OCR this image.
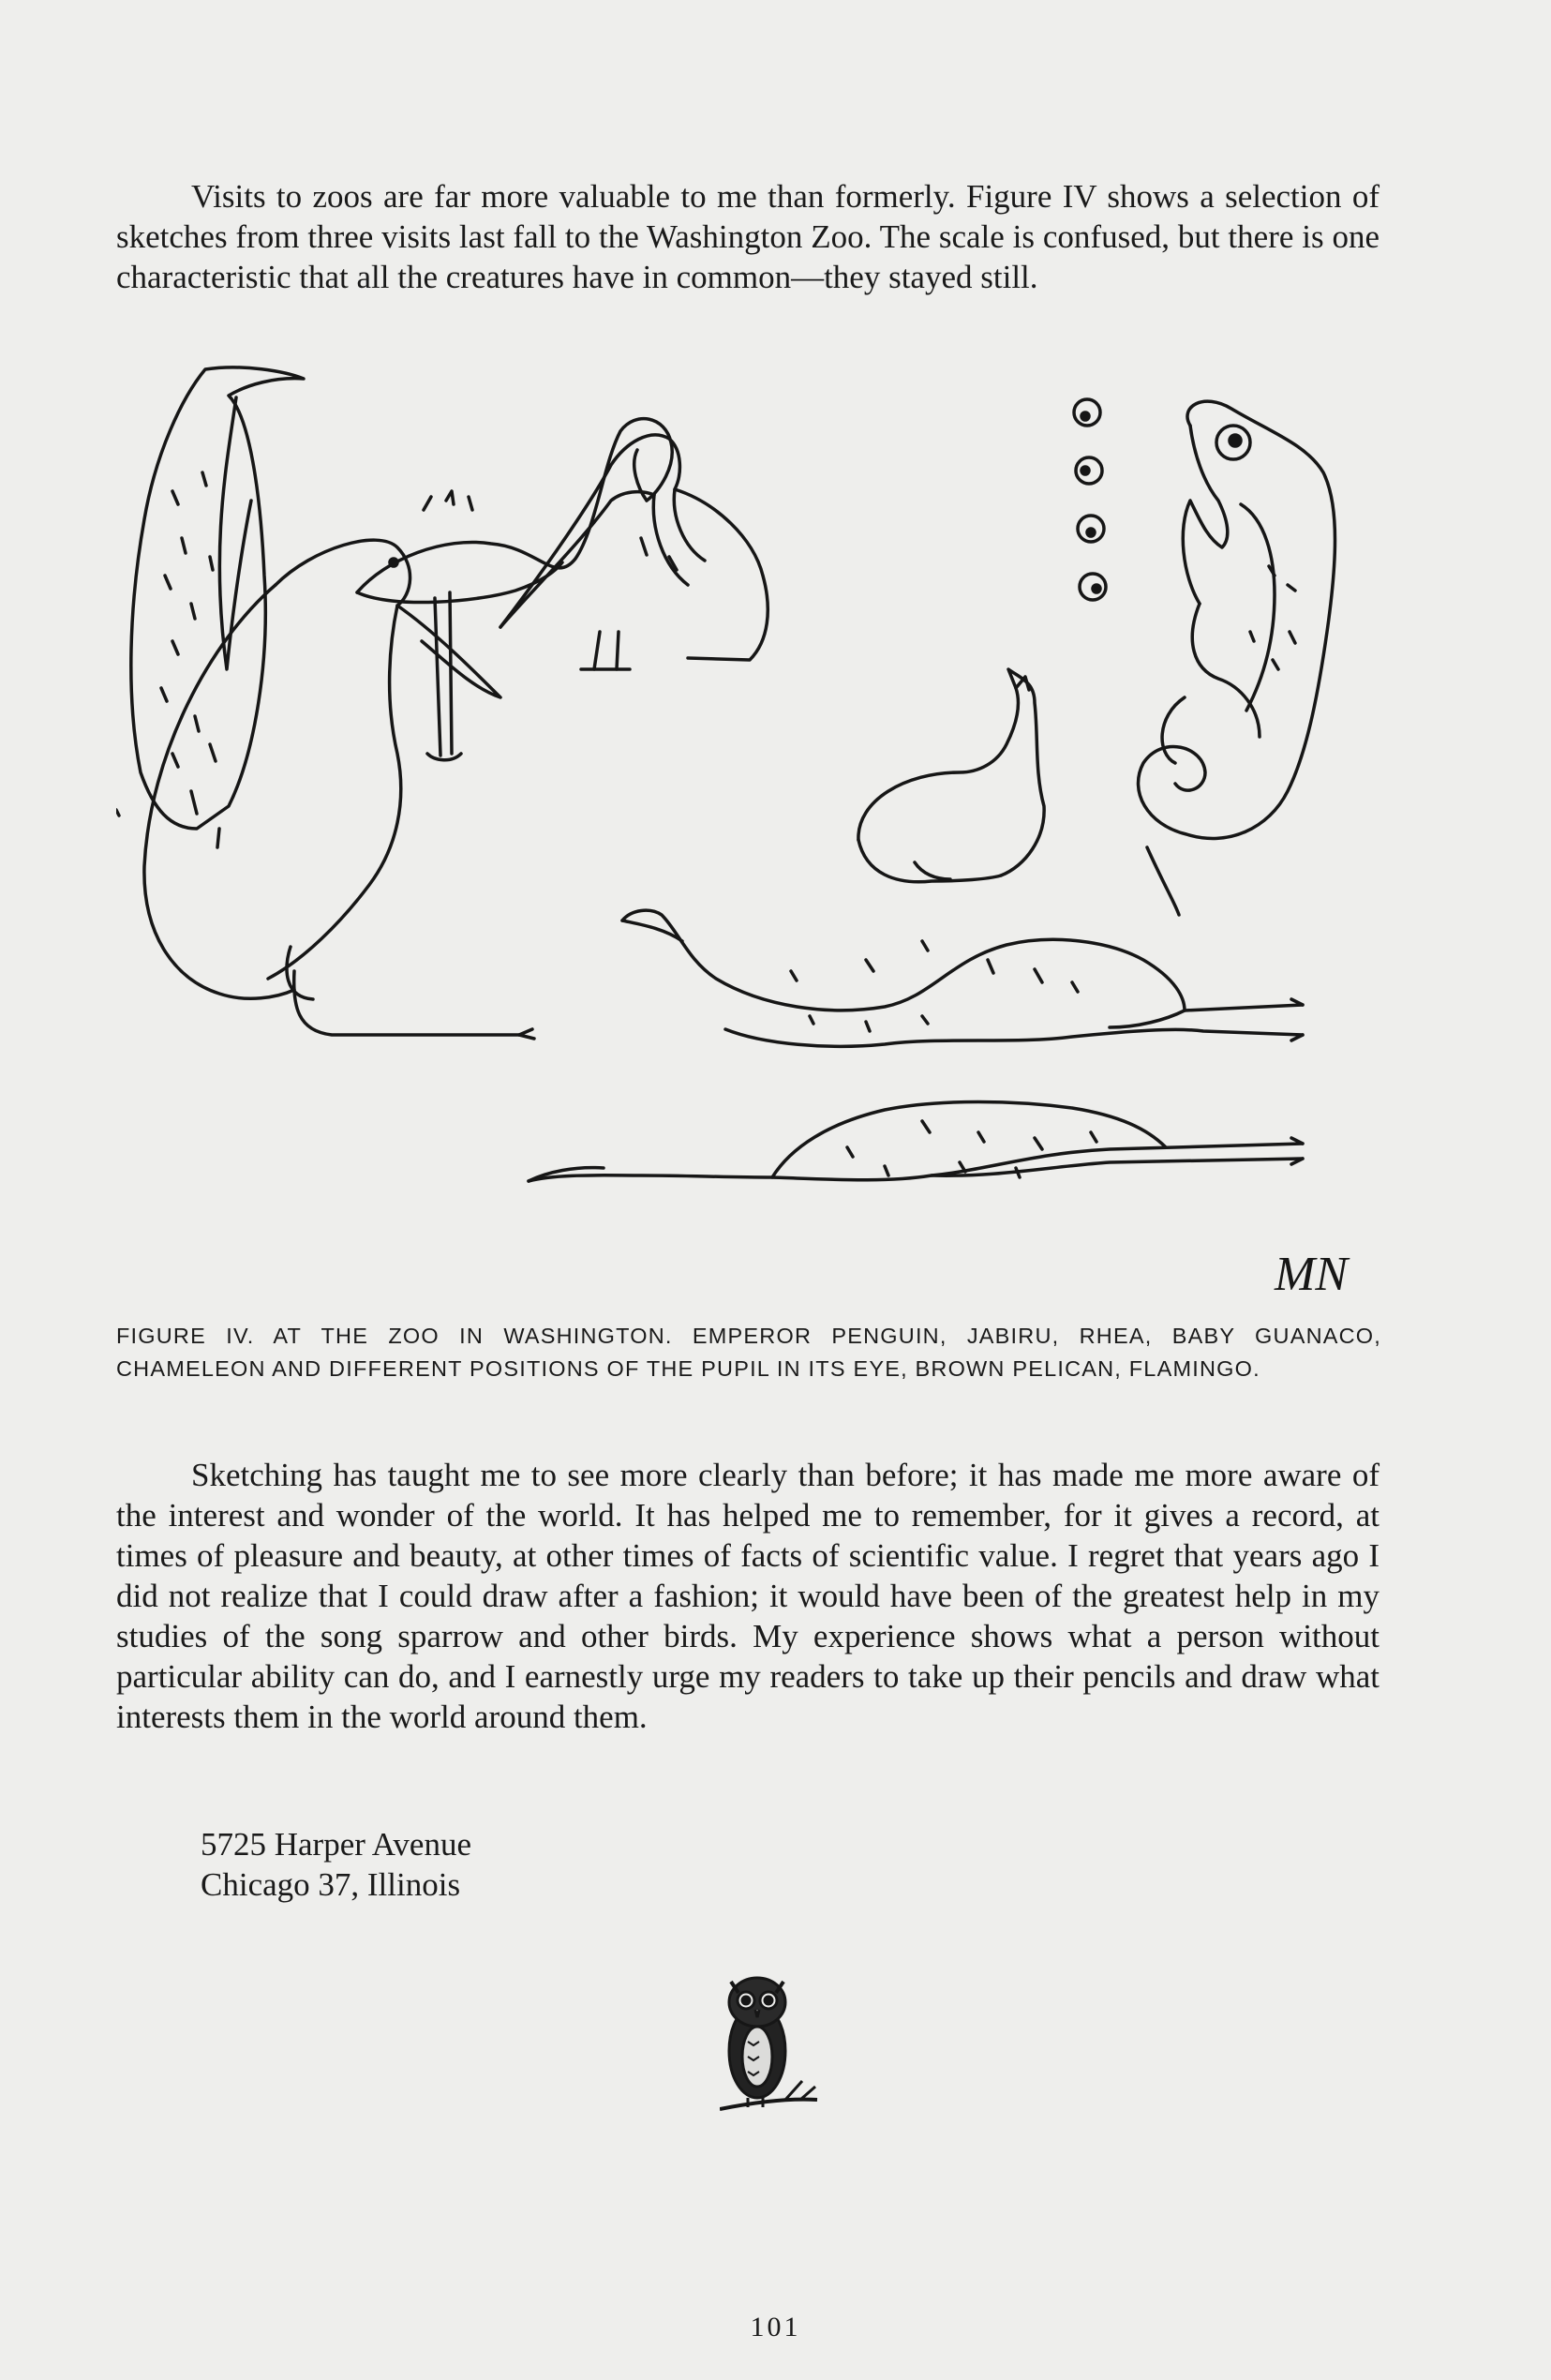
Visits to zoos are far more valuable to me than formerly. Figure IV shows a selection of sketches from three visits last fall to the Washington Zoo. The scale is confused, but there is one characteristic that all the creatures have in common—they stayed still.

MN

FIGURE IV. AT THE ZOO IN WASHINGTON. EMPEROR PENGUIN, JABIRU, RHEA, BABY GUANACO, CHAMELEON AND DIFFERENT POSITIONS OF THE PUPIL IN ITS EYE, BROWN PELICAN, FLAMINGO.

Sketching has taught me to see more clearly than before; it has made me more aware of the interest and wonder of the world. It has helped me to remember, for it gives a record, at times of pleasure and beauty, at other times of facts of scientific value. I regret that years ago I did not realize that I could draw after a fashion; it would have been of the greatest help in my studies of the song sparrow and other birds. My experience shows what a person without particular ability can do, and I earnestly urge my readers to take up their pencils and draw what interests them in the world around them.

5725 Harper Avenue
Chicago 37, Illinois
101
